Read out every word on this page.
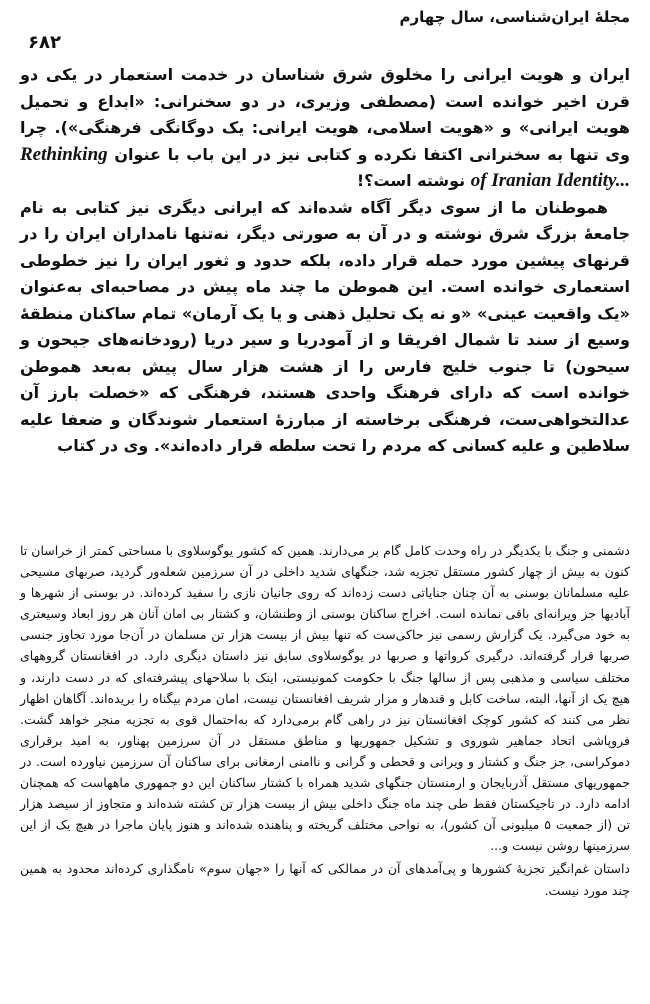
مجلۀ ایران‌شناسی، سال چهارم
۶۸۲

ایران و هویت ایرانی را مخلوق شرق شناسان در خدمت استعمار در یکی دو قرن اخیر خوانده است (مصطفی وزیری، در دو سخنرانی: «ابداع و تحمیل هویت ایرانی» و «هویت اسلامی، هویت ایرانی: یک دوگانگی فرهنگی»). چرا وی تنها به سخنرانی اکتفا نکرده و کتابی نیز در این باب با عنوان Rethinking of Iranian Identity... نوشته است؟!

هموطنان ما از سوی دیگر آگاه شده‌اند که ایرانی دیگری نیز کتابی به نام جامعۀ بزرگ شرق نوشته و در آن به صورتی دیگر، نه‌تنها نامداران ایران را در قرنهای پیشین مورد حمله قرار داده، بلکه حدود و ثغور ایران را نیز خطوطی استعماری خوانده است. این هموطن ما چند ماه پیش در مصاحبه‌ای به‌عنوان «یک واقعیت عینی» «و نه یک تحلیل ذهنی و یا یک آرمان» تمام ساکنان منطقۀ وسیع از سند تا شمال افریقا و از آمودریا و سیر دریا (رودخانه‌های جیحون و سیحون) تا جنوب خلیج فارس را از هشت هزار سال پیش به‌بعد هموطن خوانده است که دارای فرهنگ واحدی هستند، فرهنگی که «خصلت بارز آن عدالتخواهی‌ست، فرهنگی برخاسته از مبارزۀ استعمار شوندگان و ضعفا علیه سلاطین و علیه کسانی که مردم را تحت سلطه قرار داده‌اند». وی در کتاب

دشمنی و جنگ با یکدیگر در راه وحدت کامل گام بر می‌دارند. همین که کشور یوگوسلاوی با مساحتی کمتر از خراسان تا کنون به بیش از چهار کشور مستقل تجزیه شد، جنگهای شدید داخلی در آن سرزمین شعله‌ور گردید، صربهای مسیحی علیه مسلمانان بوسنی به آن چنان جنایاتی دست زده‌اند که روی جانیان نازی را سفید کرده‌اند. در بوسنی از شهرها و آبادیها جز ویرانه‌ای باقی نمانده است. اخراج ساکنان بوسنی از وطنشان، و کشتار بی امان آنان هر روز ابعاد وسیعتری به خود می‌گیرد. یک گزارش رسمی نیز حاکی‌ست که تنها بیش از بیست هزار تن مسلمان در آن‌جا مورد تجاوز جنسی صربها قرار گرفته‌اند. درگیری کرواتها و صربها در یوگوسلاوی سابق نیز داستان دیگری دارد. در افغانستان گروههای مختلف سیاسی و مذهبی پس از سالها جنگ با حکومت کمونیستی، اینک با سلاحهای پیشرفته‌ای که در دست دارند، و هیچ یک از آنها، البته، ساخت کابل و قندهار و مزار شریف افغانستان نیست، امان مردم بیگناه را بریده‌اند. آگاهان اظهار نظر می کنند که کشور کوچک افغانستان نیز در راهی گام برمی‌دارد که به‌احتمال قوی به تجزیه منجر خواهد گشت. فروپاشی اتحاد جماهیر شوروی و تشکیل جمهوریها و مناطق مستقل در آن سرزمین پهناور، به امید برقراری دموکراسی، جز جنگ و کشتار و ویرانی و قحطی و گرانی و ناامنی ارمغانی برای ساکنان آن سرزمین نیاورده است. در جمهوریهای مستقل آذربایجان و ارمنستان جنگهای شدید همراه با کشتار ساکنان این دو جمهوری ماههاست که همچنان ادامه دارد. در تاجیکستان فقط طی چند ماه جنگ داخلی بیش از بیست هزار تن کشته شده‌اند و متجاوز از سیصد هزار تن (از جمعیت ۵ میلیونی آن کشور)، به نواحی مختلف گریخته و پناهنده شده‌اند و هنوز پایان ماجرا در هیچ یک از این سرزمینها روشن نیست و...

داستان غم‌انگیز تجزیۀ کشورها و پی‌آمدهای آن در ممالکی که آنها را «جهان سوم» نامگذاری کرده‌اند محدود به همین چند مورد نیست.
